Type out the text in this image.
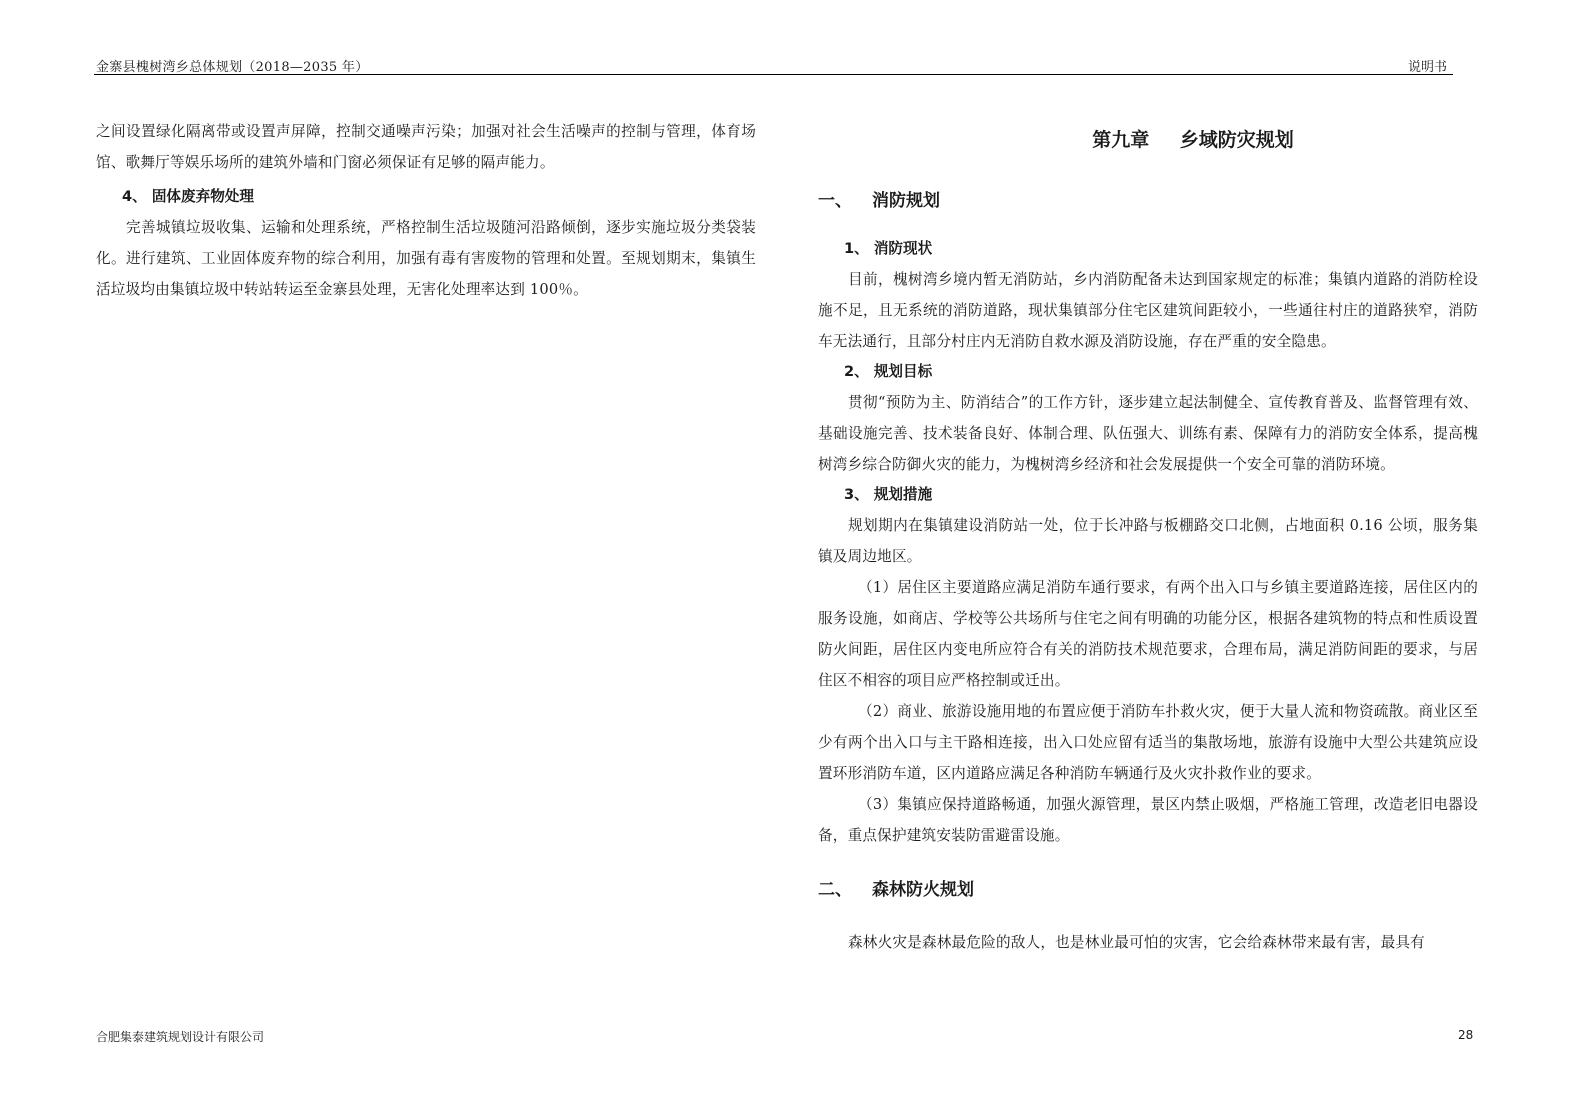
金寨县槐树湾乡总体规划（2018—2035 年）	说明书

之间设置绿化隔离带或设置声屏障，控制交通噪声污染；加强对社会生活噪声的控制与管理，体育场馆、歌舞厅等娱乐场所的建筑外墙和门窗必须保证有足够的隔声能力。

4、 固体废弃物处理

完善城镇垃圾收集、运输和处理系统，严格控制生活垃圾随河沿路倾倒，逐步实施垃圾分类袋装化。进行建筑、工业固体废弃物的综合利用，加强有毒有害废物的管理和处置。至规划期末，集镇生活垃圾均由集镇垃圾中转站转运至金寨县处理，无害化处理率达到 100％。

第九章 乡域防灾规划
一、 消防规划
1、 消防现状

目前，槐树湾乡境内暂无消防站，乡内消防配备未达到国家规定的标准；集镇内道路的消防栓设施不足，且无系统的消防道路，现状集镇部分住宅区建筑间距较小，一些通往村庄的道路狭窄，消防车无法通行，且部分村庄内无消防自救水源及消防设施，存在严重的安全隐患。

2、 规划目标

贯彻“预防为主、防消结合”的工作方针，逐步建立起法制健全、宣传教育普及、监督管理有效、基础设施完善、技术装备良好、体制合理、队伍强大、训练有素、保障有力的消防安全体系，提高槐树湾乡综合防御火灾的能力，为槐树湾乡经济和社会发展提供一个安全可靠的消防环境。

3、 规划措施

规划期内在集镇建设消防站一处，位于长冲路与板棚路交口北侧，占地面积 0.16 公顷，服务集镇及周边地区。

（1）居住区主要道路应满足消防车通行要求，有两个出入口与乡镇主要道路连接，居住区内的服务设施，如商店、学校等公共场所与住宅之间有明确的功能分区，根据各建筑物的特点和性质设置防火间距，居住区内变电所应符合有关的消防技术规范要求，合理布局，满足消防间距的要求，与居住区不相容的项目应严格控制或迁出。

（2）商业、旅游设施用地的布置应便于消防车扑救火灾，便于大量人流和物资疏散。商业区至少有两个出入口与主干路相连接，出入口处应留有适当的集散场地，旅游有设施中大型公共建筑应设置环形消防车道，区内道路应满足各种消防车辆通行及火灾扑救作业的要求。

（3）集镇应保持道路畅通，加强火源管理，景区内禁止吸烟，严格施工管理，改造老旧电器设备，重点保护建筑安装防雷避雷设施。

二、 森林防火规划

森林火灾是森林最危险的敌人，也是林业最可怕的灾害，它会给森林带来最有害，最具有

合肥集泰建筑规划设计有限公司	28
